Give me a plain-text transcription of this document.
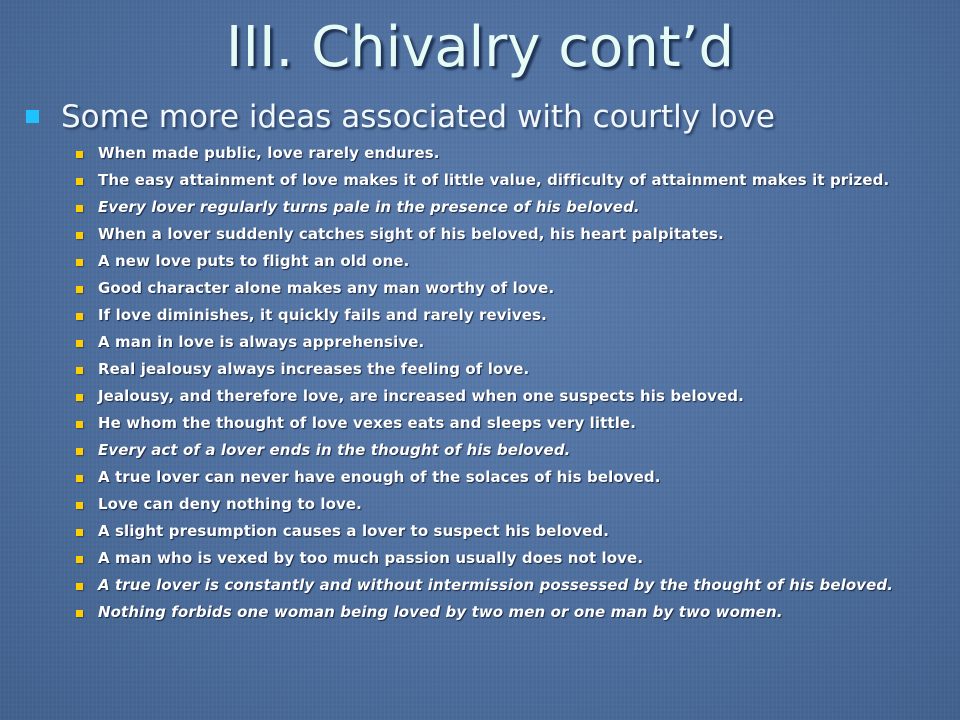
III. Chivalry cont’d
Some more ideas associated with courtly love
When made public, love rarely endures.
The easy attainment of love makes it of little value, difficulty of attainment makes it prized.
Every lover regularly turns pale in the presence of his beloved.
When a lover suddenly catches sight of his beloved, his heart palpitates.
A new love puts to flight an old one.
Good character alone makes any man worthy of love.
If love diminishes, it quickly fails and rarely revives.
A man in love is always apprehensive.
Real jealousy always increases the feeling of love.
Jealousy, and therefore love, are increased when one suspects his beloved.
He whom the thought of love vexes eats and sleeps very little.
Every act of a lover ends in the thought of his beloved.
A true lover can never have enough of the solaces of his beloved.
Love can deny nothing to love.
A slight presumption causes a lover to suspect his beloved.
A man who is vexed by too much passion usually does not love.
A true lover is constantly and without intermission possessed by the thought of his beloved.
Nothing forbids one woman being loved by two men or one man by two women.
